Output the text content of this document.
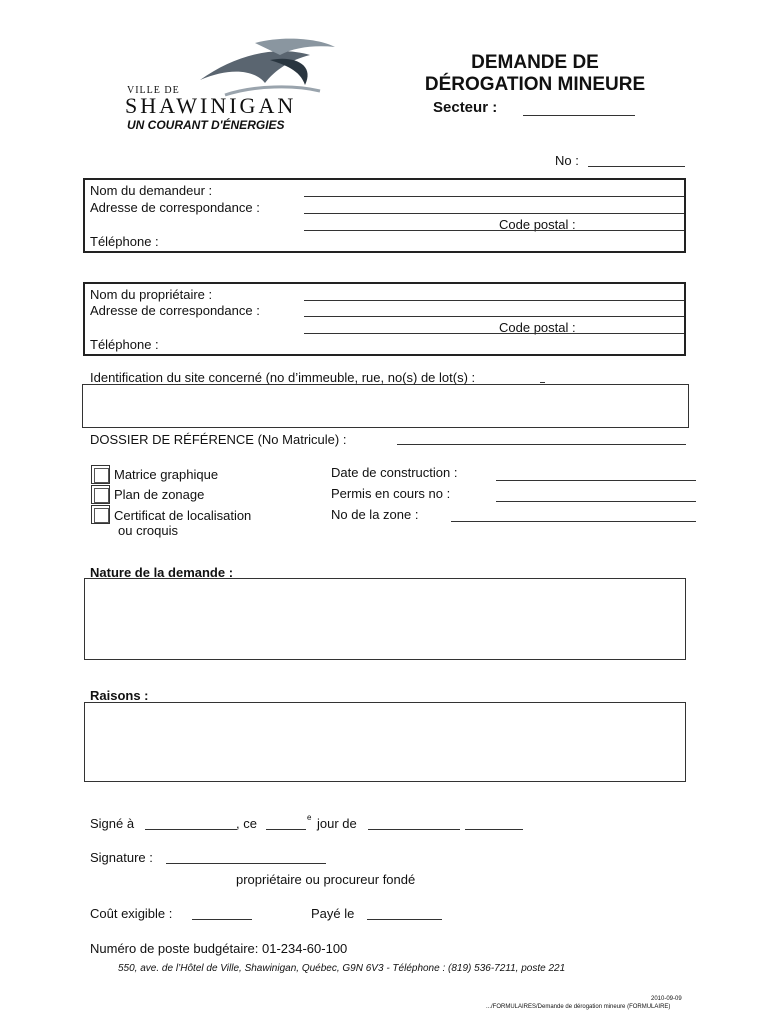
VILLE DE
SHAWINIGAN
UN COURANT D'ÉNERGIES
DEMANDE DE
DÉROGATION MINEURE
Secteur :
No :
Nom du demandeur :
Adresse de correspondance :
Code postal :
Téléphone :
Nom du propriétaire :
Adresse de correspondance :
Code postal :
Téléphone :
Identification du site concerné (no d’immeuble, rue, no(s) de lot(s) :
DOSSIER DE RÉFÉRENCE (No Matricule) :
Matrice graphique
Plan de zonage
Certificat de localisation
ou croquis
Date de construction :
Permis en cours no :
No de la zone :
Nature de la demande :
Raisons :
Signé à	, ce	e jour de
Signature :
propriétaire ou procureur fondé
Coût exigible :	Payé le
Numéro de poste budgétaire: 01-234-60-100
550, ave. de l’Hôtel de Ville, Shawinigan, Québec, G9N 6V3 - Téléphone : (819) 536-7211, poste 221
2010-09-09
.../FORMULAIRES/Demande de dérogation mineure (FORMULAIRE)
